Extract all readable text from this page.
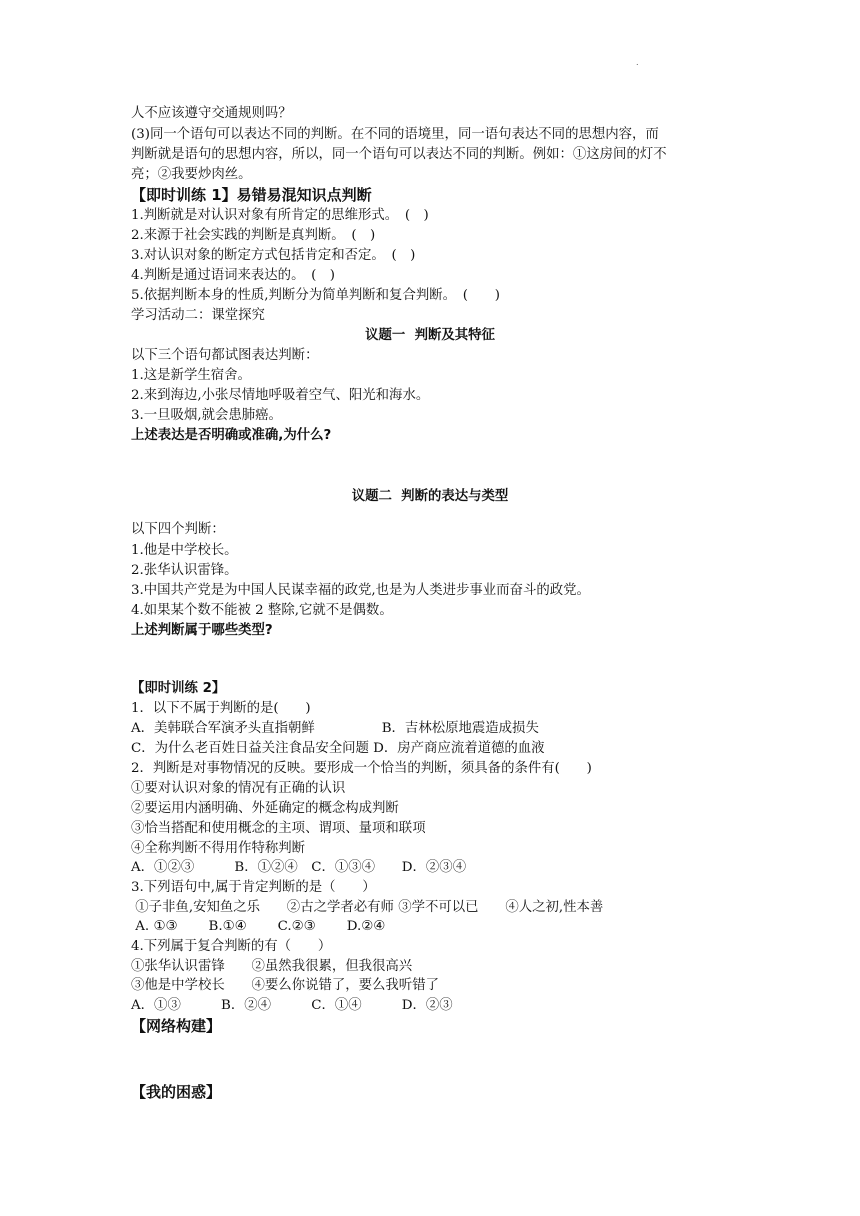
.
人不应该遵守交通规则吗？
(3)同一个语句可以表达不同的判断。在不同的语境里，同一语句表达不同的思想内容，而
判断就是语句的思想内容，所以，同一个语句可以表达不同的判断。例如：①这房间的灯不
亮；②我要炒肉丝。
【即时训练 1】易错易混知识点判断
1.判断就是对认识对象有所肯定的思维形式。　(　)
2.来源于社会实践的判断是真判断。　(　)
3.对认识对象的断定方式包括肯定和否定。　(　)
4.判断是通过语词来表达的。　(　)
5.依据判断本身的性质,判断分为简单判断和复合判断。　(　　)
学习活动二：课堂探究
议题一  判断及其特征
以下三个语句都试图表达判断：
1.这是新学生宿舍。
2.来到海边,小张尽情地呼吸着空气、阳光和海水。
3.一旦吸烟,就会患肺癌。
上述表达是否明确或准确,为什么?
议题二  判断的表达与类型
以下四个判断：
1.他是中学校长。
2.张华认识雷锋。
3.中国共产党是为中国人民谋幸福的政党,也是为人类进步事业而奋斗的政党。
4.如果某个数不能被 2 整除,它就不是偶数。
上述判断属于哪些类型?
【即时训练 2】
1．以下不属于判断的是(　　)
A．美韩联合军演矛头直指朝鲜　　　　　B．吉林松原地震造成损失
C．为什么老百姓日益关注食品安全问题 D．房产商应流着道德的血液
2．判断是对事物情况的反映。要形成一个恰当的判断，须具备的条件有(　　)
①要对认识对象的情况有正确的认识
②要运用内涵明确、外延确定的概念构成判断
③恰当搭配和使用概念的主项、谓项、量项和联项
④全称判断不得用作特称判断
A．①②③　　　B．①②④　C．①③④　　D．②③④
3.下列语句中,属于肯定判断的是（　　）
①子非鱼,安知鱼之乐　　②古之学者必有师 ③学不可以已　　④人之初,性本善
A. ①③　　 B.①④　　 C.②③　　 D.②④
4.下列属于复合判断的有（　　）
①张华认识雷锋　　②虽然我很累，但我很高兴
③他是中学校长　　④要么你说错了，要么我听错了
A．①③　　　B．②④　　　C．①④　　　D．②③
【网络构建】
【我的困惑】
